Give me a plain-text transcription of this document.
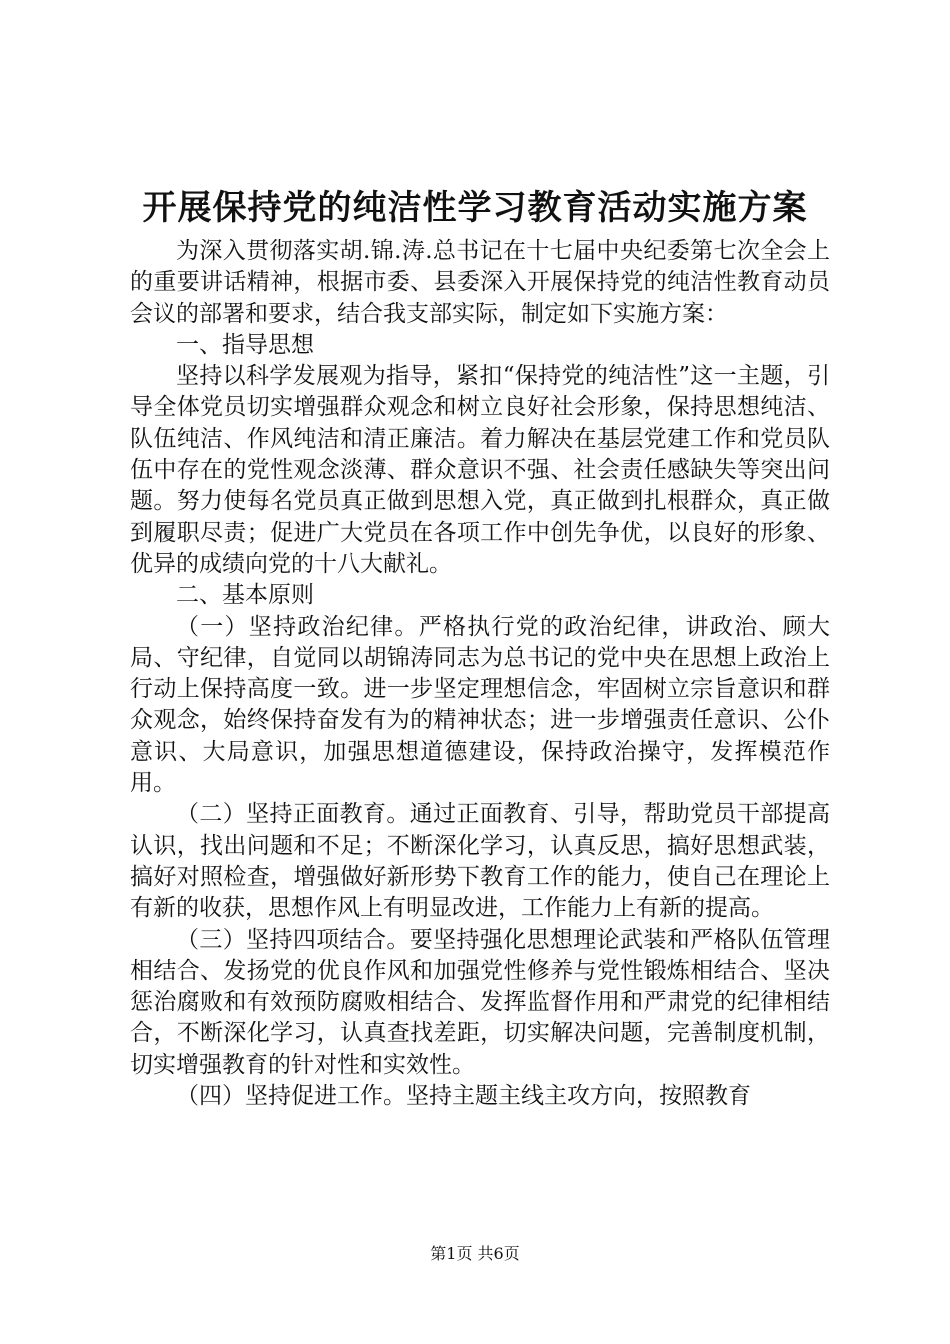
开展保持党的纯洁性学习教育活动实施方案

为深入贯彻落实胡.锦.涛.总书记在十七届中央纪委第七次全会上的重要讲话精神，根据市委、县委深入开展保持党的纯洁性教育动员会议的部署和要求，结合我支部实际，制定如下实施方案：

一、指导思想

坚持以科学发展观为指导，紧扣“保持党的纯洁性”这一主题，引导全体党员切实增强群众观念和树立良好社会形象，保持思想纯洁、队伍纯洁、作风纯洁和清正廉洁。着力解决在基层党建工作和党员队伍中存在的党性观念淡薄、群众意识不强、社会责任感缺失等突出问题。努力使每名党员真正做到思想入党，真正做到扎根群众，真正做到履职尽责；促进广大党员在各项工作中创先争优，以良好的形象、优异的成绩向党的十八大献礼。

二、基本原则

（一）坚持政治纪律。严格执行党的政治纪律，讲政治、顾大局、守纪律，自觉同以胡锦涛同志为总书记的党中央在思想上政治上行动上保持高度一致。进一步坚定理想信念，牢固树立宗旨意识和群众观念，始终保持奋发有为的精神状态；进一步增强责任意识、公仆意识、大局意识，加强思想道德建设，保持政治操守，发挥模范作用。

（二）坚持正面教育。通过正面教育、引导，帮助党员干部提高认识，找出问题和不足；不断深化学习，认真反思，搞好思想武装，搞好对照检查，增强做好新形势下教育工作的能力，使自己在理论上有新的收获，思想作风上有明显改进，工作能力上有新的提高。

（三）坚持四项结合。要坚持强化思想理论武装和严格队伍管理相结合、发扬党的优良作风和加强党性修养与党性锻炼相结合、坚决惩治腐败和有效预防腐败相结合、发挥监督作用和严肃党的纪律相结合，不断深化学习，认真查找差距，切实解决问题，完善制度机制，切实增强教育的针对性和实效性。

（四）坚持促进工作。坚持主题主线主攻方向，按照教育

第1页 共6页
